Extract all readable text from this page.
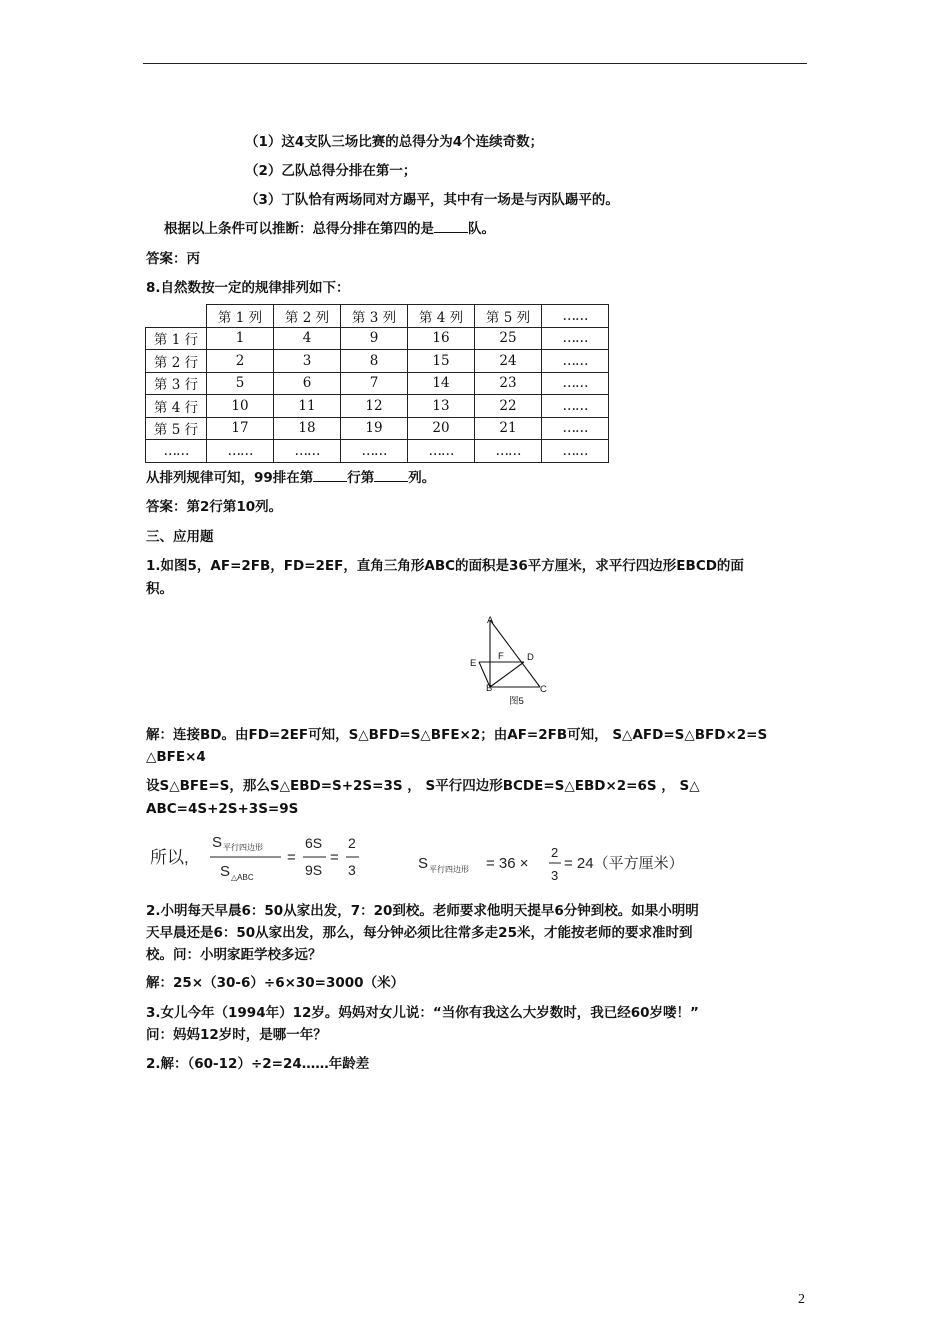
（1）这4支队三场比赛的总得分为4个连续奇数；
（2）乙队总得分排在第一；
（3）丁队恰有两场同对方踢平，其中有一场是与丙队踢平的。
根据以上条件可以推断：总得分排在第四的是	队。
答案：丙
8.自然数按一定的规律排列如下：
	第 1 列	第 2 列	第 3 列	第 4 列	第 5 列	……
第 1 行	1	4	9	16	25	……
第 2 行	2	3	8	15	24	……
第 3 行	5	6	7	14	23	……
第 4 行	10	11	12	13	22	……
第 5 行	17	18	19	20	21	……
……	……	……	……	……	……	……
从排列规律可知，99排在第	行第	列。
答案：第2行第10列。
三、应用题
1.如图5，AF=2FB，FD=2EF，直角三角形ABC的面积是36平方厘米，求平行四边形EBCD的面
积。
A
F D
E
B	C
图5
解：连接BD。由FD=2EF可知，S△BFD=S△BFE×2；由AF=2FB可知， S△AFD=S△BFD×2=S
△BFE×4
设S△BFE=S，那么S△EBD=S+2S=3S ， S平行四边形BCDE=S△EBD×2=6S ， S△
ABC=4S+2S+3S=9S
所以,
S 平行四边形
S △ABC
=
6S
9S
=
2
3	S 平行四边形 = 36 ×
2
3
= 24（平方厘米）
2.小明每天早晨6：50从家出发，7：20到校。老师要求他明天提早6分钟到校。如果小明明
天早晨还是6：50从家出发，那么，每分钟必须比往常多走25米，才能按老师的要求准时到
校。问：小明家距学校多远？
解：25×（30-6）÷6×30=3000（米）
3.女儿今年（1994年）12岁。妈妈对女儿说：“当你有我这么大岁数时，我已经60岁喽！”
问：妈妈12岁时，是哪一年？
2.解：（60-12）÷2=24……年龄差
2
